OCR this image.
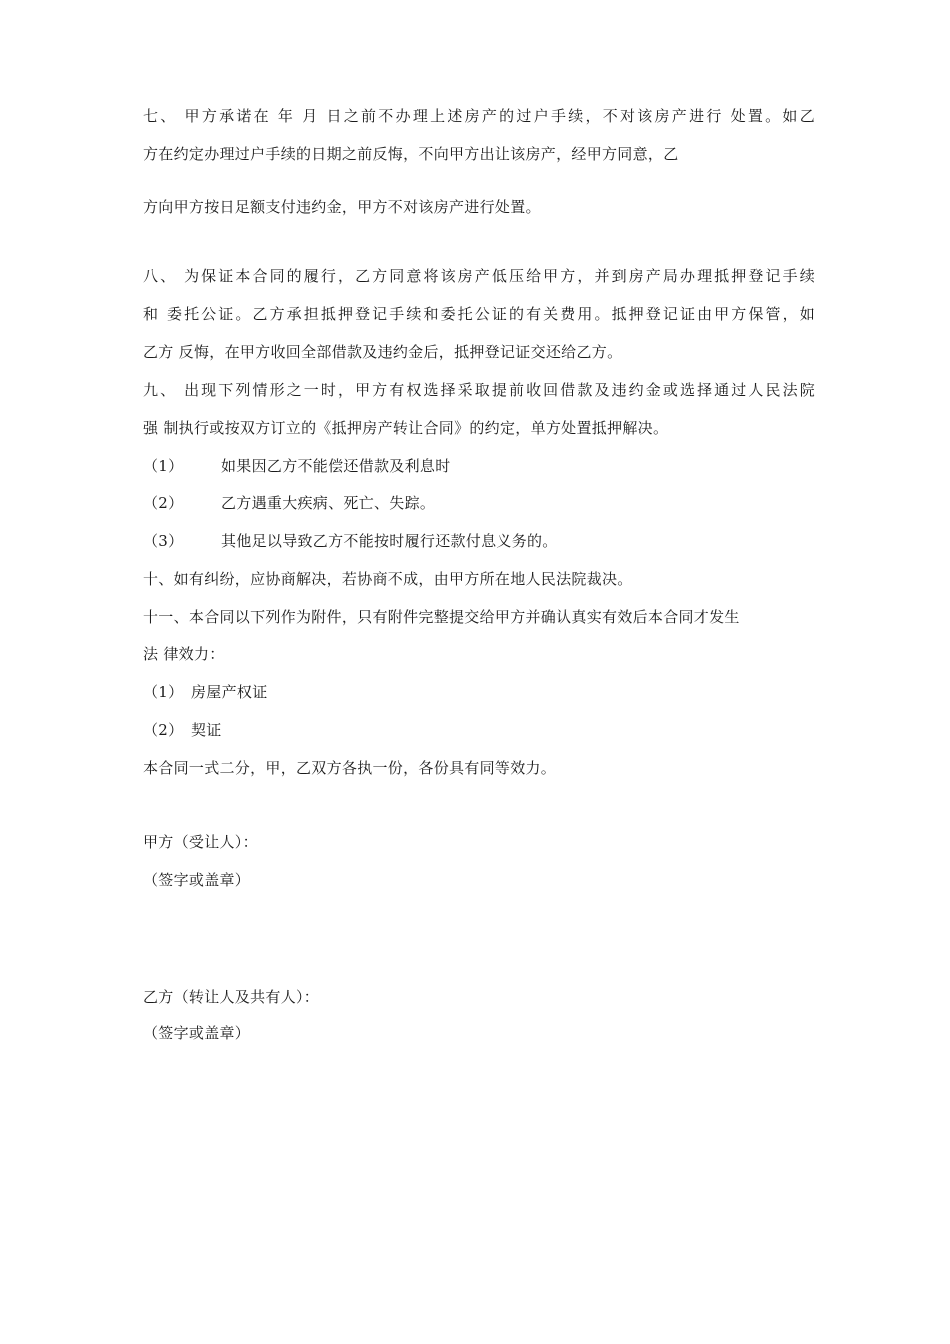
七、 甲方承诺在 年 月 日之前不办理上述房产的过户手续，不对该房产进行 处置。如乙
方在约定办理过户手续的日期之前反悔，不向甲方出让该房产，经甲方同意，乙
方向甲方按日足额支付违约金，甲方不对该房产进行处置。
八、 为保证本合同的履行，乙方同意将该房产低压给甲方，并到房产局办理抵押登记手续
和 委托公证。乙方承担抵押登记手续和委托公证的有关费用。抵押登记证由甲方保管，如
乙方 反悔，在甲方收回全部借款及违约金后，抵押登记证交还给乙方。
九、 出现下列情形之一时，甲方有权选择采取提前收回借款及违约金或选择通过人民法院
强 制执行或按双方订立的《抵押房产转让合同》的约定，单方处置抵押解决。
（1）	如果因乙方不能偿还借款及利息时
（2）	乙方遇重大疾病、死亡、失踪。
（3）	其他足以导致乙方不能按时履行还款付息义务的。
十、如有纠纷，应协商解决，若协商不成，由甲方所在地人民法院裁决。
十一、本合同以下列作为附件，只有附件完整提交给甲方并确认真实有效后本合同才发生
法 律效力：
（1） 房屋产权证
（2） 契证
本合同一式二分，甲，乙双方各执一份，各份具有同等效力。
甲方（受让人）：
（签字或盖章）
乙方（转让人及共有人）：
（签字或盖章）
